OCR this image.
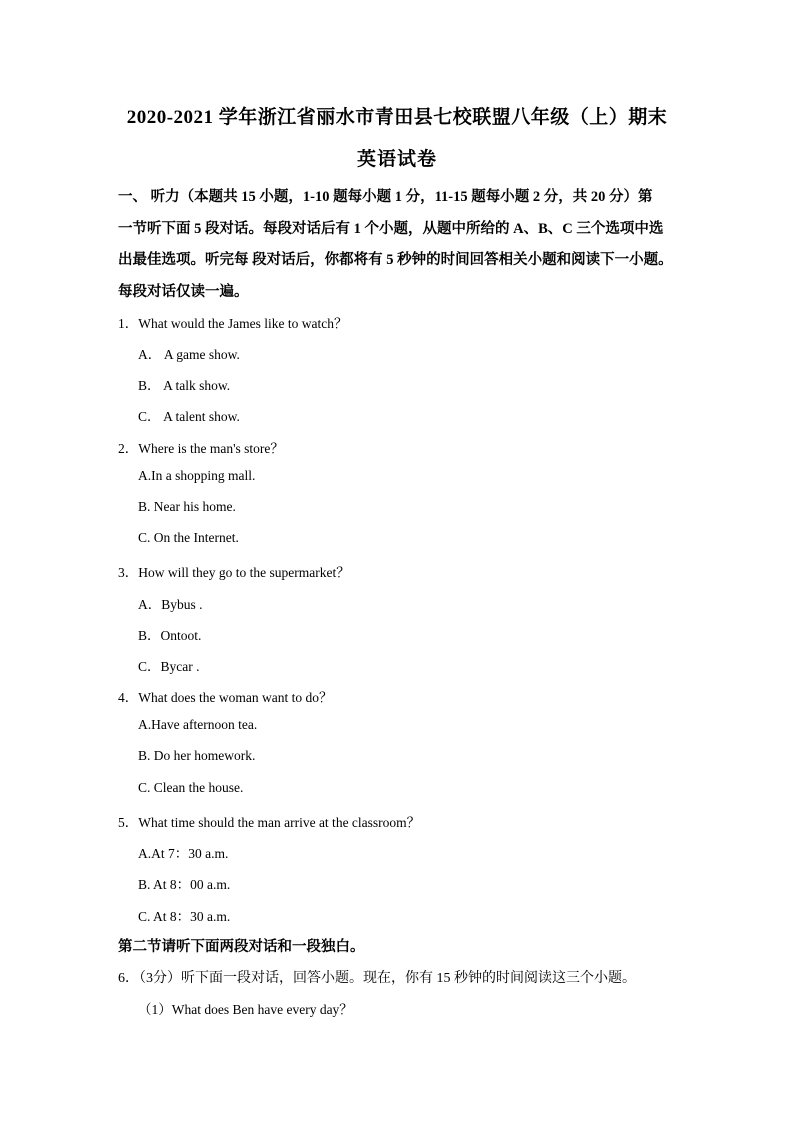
2020-2021 学年浙江省丽水市青田县七校联盟八年级（上）期末
英语试卷

一、 听力（本题共 15 小题，1-10 题每小题 1 分，11-15 题每小题 2 分，共 20 分）第

一节听下面 5 段对话。每段对话后有 1 个小题，从题中所给的 A、B、C 三个选项中选

出最佳选项。听完每 段对话后，你都将有 5 秒钟的时间回答相关小题和阅读下一小题。

每段对话仅读一遍。

1．What would the James like to watch？
A． A game show.
B． A talk show.
C． A talent show.
2．Where is the man's store？
A.In a shopping mall.
B. Near his home.
C. On the Internet.
3．How will they go to the supermarket？
A．Bybus .
B．Ontoot.
C．Bycar .
4．What does the woman want to do？
A.Have afternoon tea.
B. Do her homework.
C. Clean the house.
5．What time should the man arrive at the classroom？
A.At 7：30 a.m.
B. At 8：00 a.m.
C. At 8：30 a.m.
第二节请听下面两段对话和一段独白。
6．（3分）听下面一段对话，回答小题。现在，你有 15 秒钟的时间阅读这三个小题。
（1）What does Ben have every day？
